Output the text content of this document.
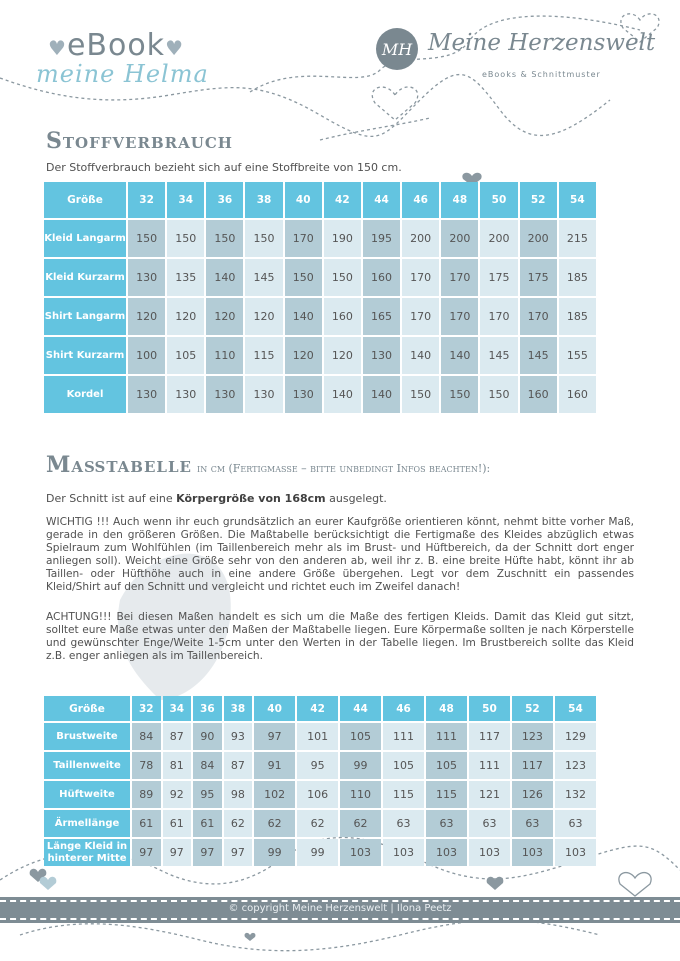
♥eBook♥
meine Helma
MH Meine Herzenswelt
eBooks & Schnittmuster
Stoffverbrauch
Der Stoffverbrauch bezieht sich auf eine Stoffbreite von 150 cm.
Größe	32	34	36	38	40	42	44	46	48	50	52	54
Kleid Langarm	150	150	150	150	170	190	195	200	200	200	200	215
Kleid Kurzarm	130	135	140	145	150	150	160	170	170	175	175	185
Shirt Langarm	120	120	120	120	140	160	165	170	170	170	170	185
Shirt Kurzarm	100	105	110	115	120	120	130	140	140	145	145	155
Kordel	130	130	130	130	130	140	140	150	150	150	160	160
Maßtabelle in cm (Fertigmaße – bitte unbedingt Infos beachten!):
Der Schnitt ist auf eine Körpergröße von 168cm ausgelegt.
WICHTIG !!! Auch wenn ihr euch grundsätzlich an eurer Kaufgröße orientieren könnt, nehmt bitte vorher Maß, gerade in den größeren Größen. Die Maßtabelle berücksichtigt die Fertigmaße des Kleides abzüglich etwas Spielraum zum Wohlfühlen (im Taillenbereich mehr als im Brust- und Hüftbereich, da der Schnitt dort enger anliegen soll). Weicht eine Größe sehr von den anderen ab, weil ihr z. B. eine breite Hüfte habt, könnt ihr ab Taillen- oder Hüfthöhe auch in eine andere Größe übergehen. Legt vor dem Zuschnitt ein passendes Kleid/Shirt auf den Schnitt und vergleicht und richtet euch im Zweifel danach!
ACHTUNG!!! Bei diesen Maßen handelt es sich um die Maße des fertigen Kleids. Damit das Kleid gut sitzt, solltet eure Maße etwas unter den Maßen der Maßtabelle liegen. Eure Körpermaße sollten je nach Körperstelle und gewünschter Enge/Weite 1-5cm unter den Werten in der Tabelle liegen. Im Brustbereich sollte das Kleid z.B. enger anliegen als im Taillenbereich.
Größe	32	34	36	38	40	42	44	46	48	50	52	54
Brustweite	84	87	90	93	97	101	105	111	111	117	123	129
Taillenweite	78	81	84	87	91	95	99	105	105	111	117	123
Hüftweite	89	92	95	98	102	106	110	115	115	121	126	132
Ärmellänge	61	61	61	62	62	62	62	63	63	63	63	63
Länge Kleid in hinterer Mitte	97	97	97	97	99	99	103	103	103	103	103	103
© copyright Meine Herzenswelt | Ilona Peetz
